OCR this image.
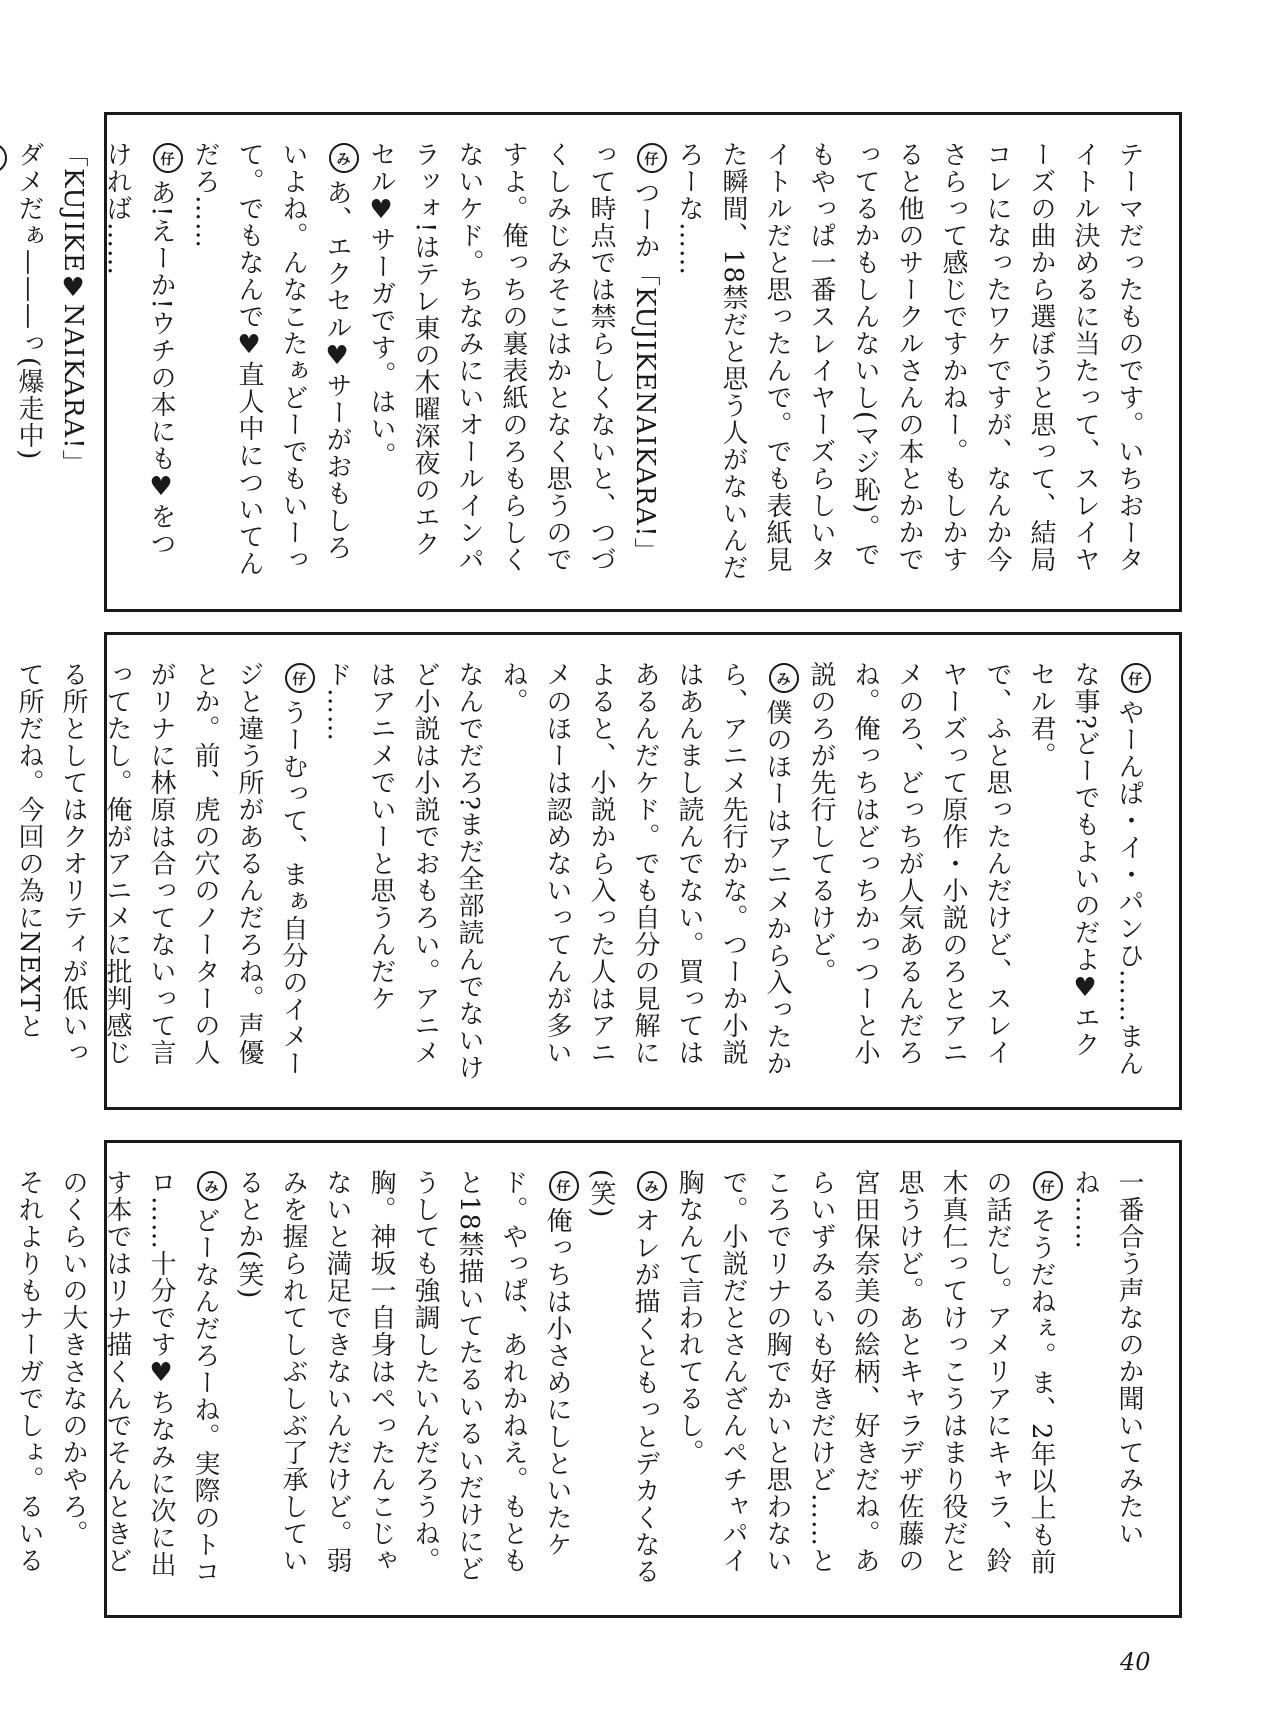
テーマだったものです。いちおータイトル決めるに当たって、スレイヤーズの曲から選ぼうと思って、結局コレになったワケですが、なんか今さらって感じですかねー。もしかすると他のサークルさんの本とかかでってるかもしんないし(マジ恥)。でもやっぱ一番スレイヤーズらしいタイトルだと思ったんで。でも表紙見た瞬間、18禁だと思う人がないんだろーな……
仔つーか「KUJIKENAIKARA!」って時点では禁らしくないと、つづくしみじみそこはかとなく思うのですよ。俺っちの裏表紙のろもらしくないケド。ちなみにいオールインパラッォ!はテレ東の木曜深夜のエクセル♥サーガです。はい。
みあ、エクセル♥サーがおもしろいよね。んなこたぁどーでもいーって。でもなんで♥直人中についてんだろ……
仔あ!えーか!ウチの本にも♥をつければ……「KUJIKE♥NAIKARA!」
ダメだぁ———っ(爆走中)

仔やーんぱ・イ・パンひ……まんな事?どーでもよいのだよ♥エクセル君。
で、ふと思ったんだけど、スレイヤーズって原作・小説のろとアニメのろ、どっちが人気あるんだろね。俺っちはどっちかっつーと小説のろが先行してるけど。
み僕のほーはアニメから入ったから、アニメ先行かな。つーか小説はあんまし読んでない。買ってはあるんだケド。でも自分の見解によると、小説から入った人はアニメのほーは認めないってんが多いね。
なんでだろ?まだ全部読んでないけど小説は小説でおもろい。アニメはアニメでいーと思うんだケド……
仔うーむって、まぁ自分のイメージと違う所があるんだろね。声優とか。前、虎の穴のノーターの人がリナに林原は合ってないって言ってたし。俺がアニメに批判感じる所としてはクオリティが低いって所だね。今回の為にNEXTと
一番合う声なのか聞いてみたいね……
仔そうだねぇ。ま、2年以上も前の話だし。アメリアにキャラ、鈴木真仁ってけっこうはまり役だと思うけど。あとキャラデザ佐藤の宮田保奈美の絵柄、好きだね。あらいずみるいも好きだけど……ところでリナの胸でかいと思わないで。小説だとさんざんペチャパイ胸なんて言われてるし。
みオレが描くともっとデカくなる(笑)
仔俺っちは小さめにしといたケド。やっぱ、あれかねえ。もともと18禁描いてたるいるいだけにどうしても強調したいんだろうね。胸。神坂一自身はペったんこじゃないと満足できないんだけど。弱みを握られてしぶしぶ了承しているとか(笑)
みどーなんだろーね。実際のトコロ……十分です♥ちなみに次に出す本ではリナ描くんでそんときどのくらいの大きさなのかやろ。
それよりもナーガでしょ。るいる
40
